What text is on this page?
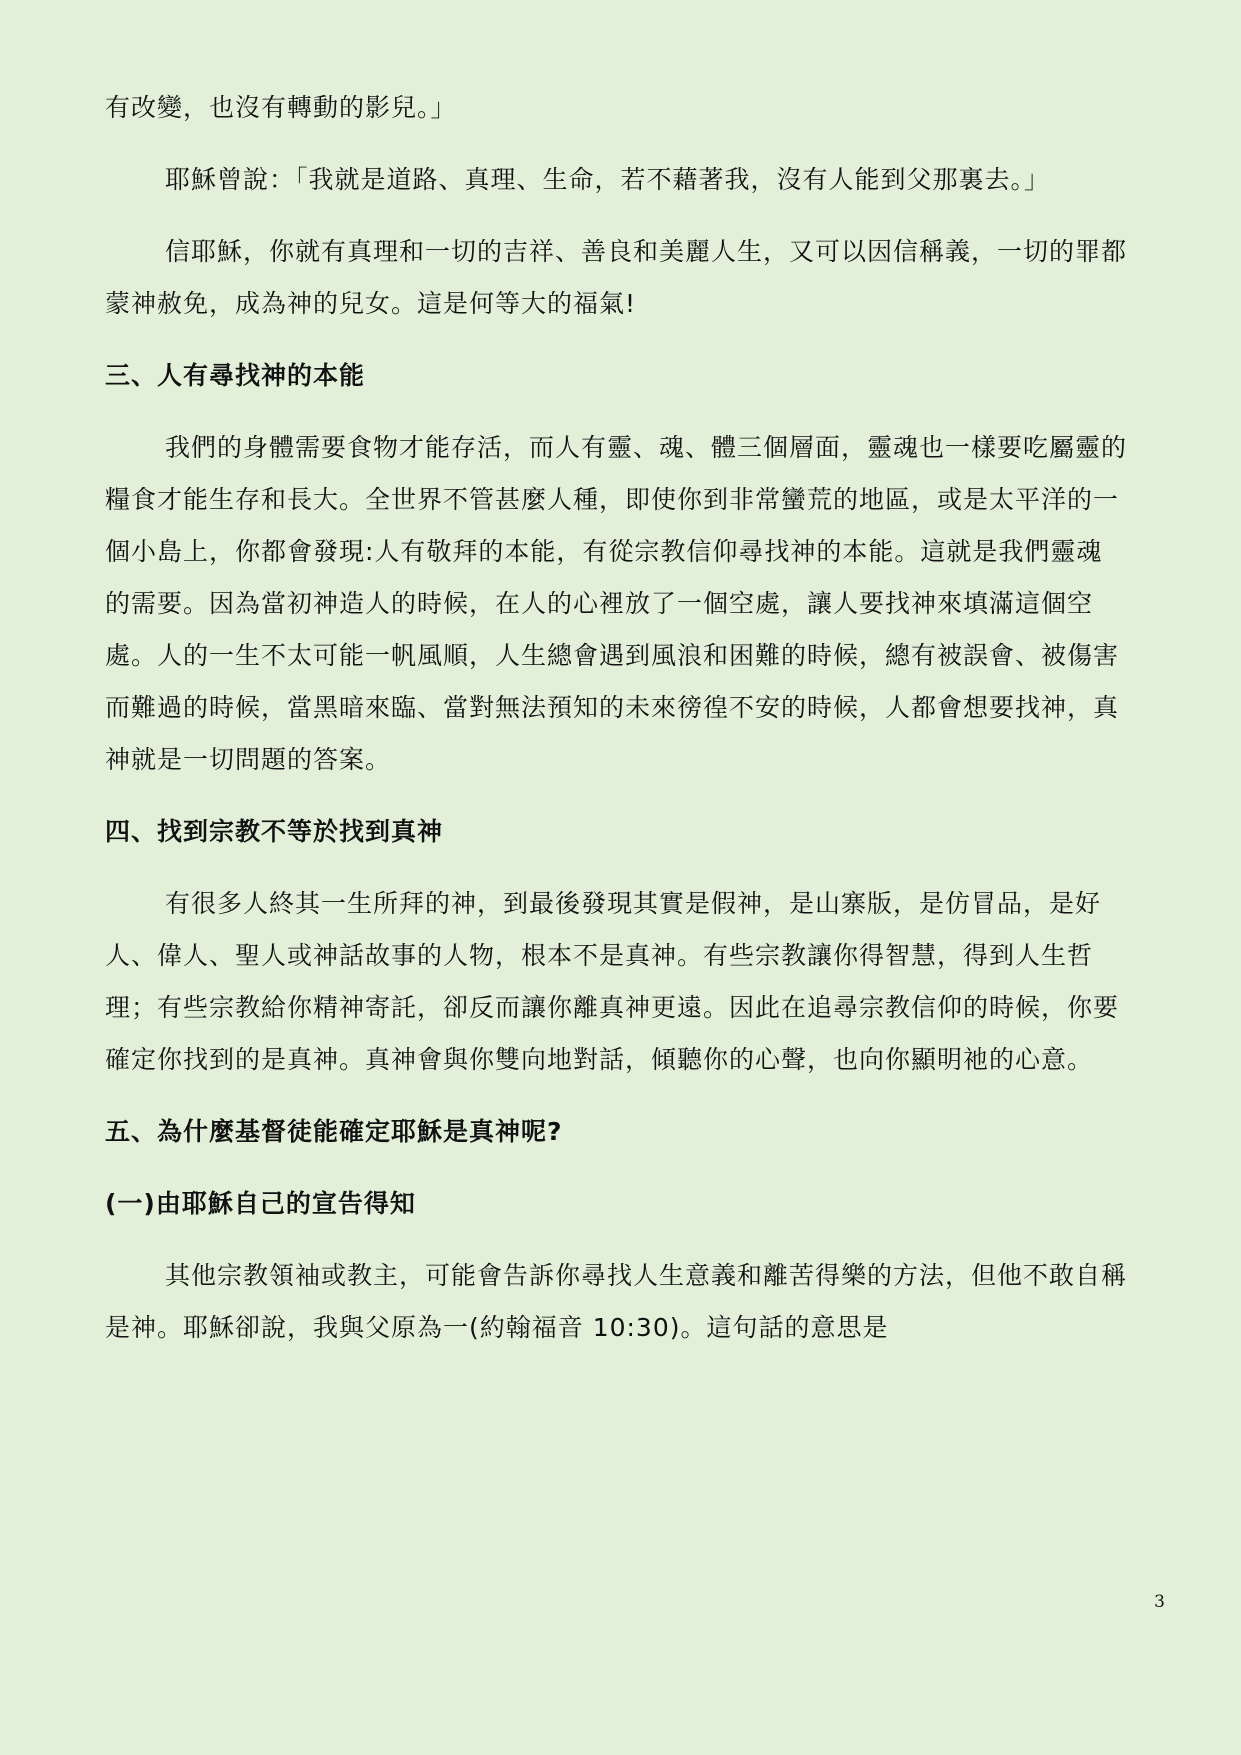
有改變，也沒有轉動的影兒。」

耶穌曾說：「我就是道路、真理、生命，若不藉著我，沒有人能到父那裏去。」

信耶穌，你就有真理和一切的吉祥、善良和美麗人生，又可以因信稱義，一切的罪都蒙神赦免，成為神的兒女。這是何等大的福氣!

三、人有尋找神的本能

我們的身體需要食物才能存活，而人有靈、魂、體三個層面，靈魂也一樣要吃屬靈的糧食才能生存和長大。全世界不管甚麼人種，即使你到非常蠻荒的地區，或是太平洋的一個小島上，你都會發現:人有敬拜的本能，有從宗教信仰尋找神的本能。這就是我們靈魂的需要。因為當初神造人的時候，在人的心裡放了一個空處，讓人要找神來填滿這個空處。人的一生不太可能一帆風順，人生總會遇到風浪和困難的時候，總有被誤會、被傷害而難過的時候，當黑暗來臨、當對無法預知的未來徬徨不安的時候，人都會想要找神，真神就是一切問題的答案。

四、找到宗教不等於找到真神

有很多人終其一生所拜的神，到最後發現其實是假神，是山寨版，是仿冒品，是好人、偉人、聖人或神話故事的人物，根本不是真神。有些宗教讓你得智慧，得到人生哲理；有些宗教給你精神寄託，卻反而讓你離真神更遠。因此在追尋宗教信仰的時候，你要確定你找到的是真神。真神會與你雙向地對話，傾聽你的心聲，也向你顯明祂的心意。

五、為什麼基督徒能確定耶穌是真神呢?
(一)由耶穌自己的宣告得知

其他宗教領袖或教主，可能會告訴你尋找人生意義和離苦得樂的方法，但他不敢自稱是神。耶穌卻說，我與父原為一(約翰福音 10:30)。這句話的意思是

3
